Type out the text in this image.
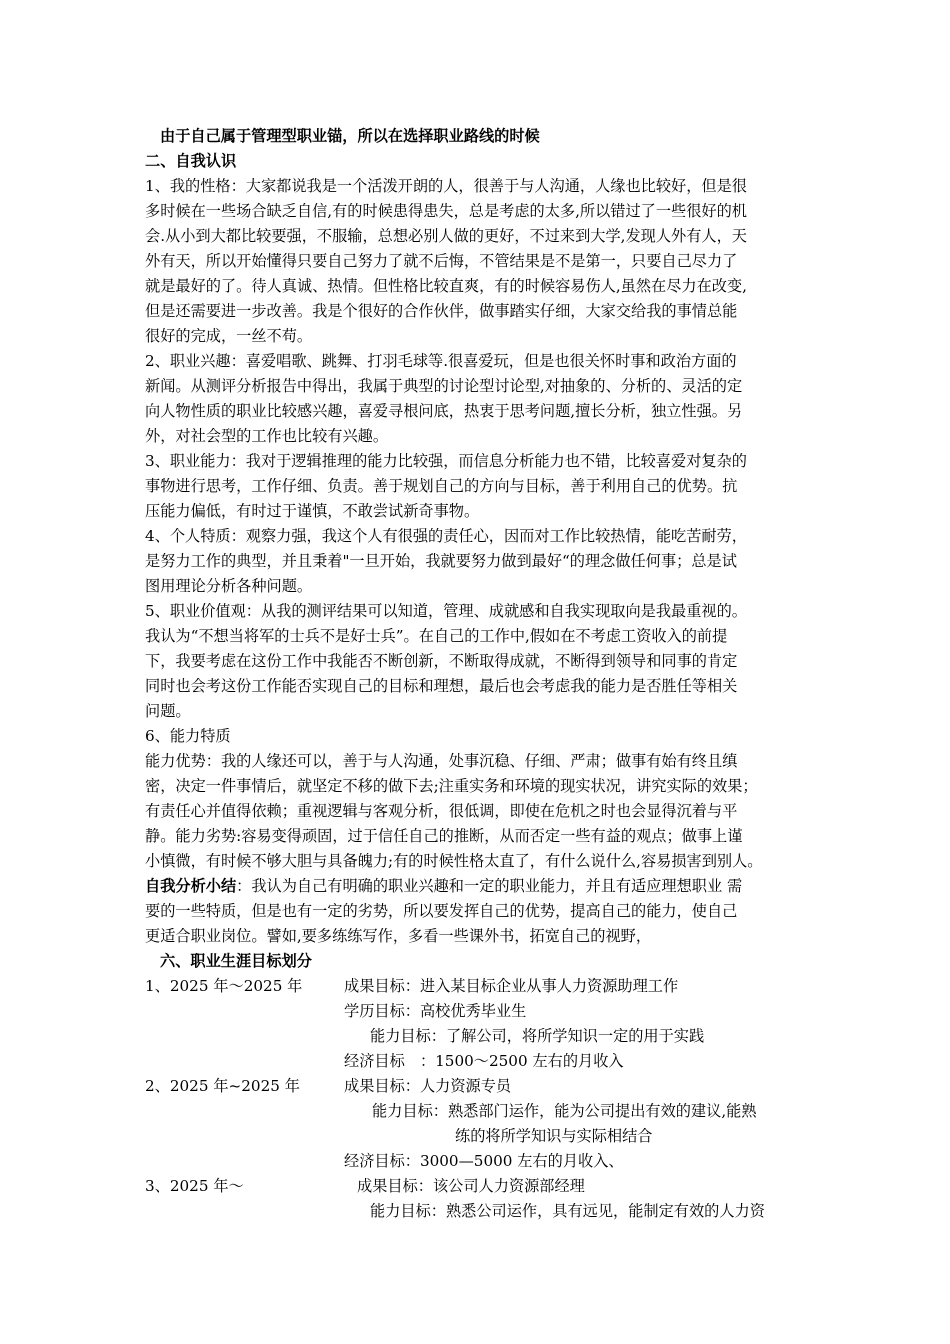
由于自己属于管理型职业锚，所以在选择职业路线的时候
二、自我认识
1、我的性格：大家都说我是一个活泼开朗的人，很善于与人沟通，人缘也比较好，但是很
多时候在一些场合缺乏自信,有的时候患得患失，总是考虑的太多,所以错过了一些很好的机
会.从小到大都比较要强，不服输，总想必别人做的更好，不过来到大学,发现人外有人，天
外有天，所以开始懂得只要自己努力了就不后悔，不管结果是不是第一，只要自己尽力了
就是最好的了。待人真诚、热情。但性格比较直爽，有的时候容易伤人,虽然在尽力在改变,
但是还需要进一步改善。我是个很好的合作伙伴，做事踏实仔细，大家交给我的事情总能
很好的完成，一丝不苟。
2、职业兴趣：喜爱唱歌、跳舞、打羽毛球等.很喜爱玩，但是也很关怀时事和政治方面的
新闻。从测评分析报告中得出，我属于典型的讨论型讨论型,对抽象的、分析的、灵活的定
向人物性质的职业比较感兴趣，喜爱寻根问底，热衷于思考问题,擅长分析，独立性强。另
外，对社会型的工作也比较有兴趣。
3、职业能力：我对于逻辑推理的能力比较强，而信息分析能力也不错，比较喜爱对复杂的
事物进行思考，工作仔细、负责。善于规划自己的方向与目标，善于利用自己的优势。抗
压能力偏低，有时过于谨慎，不敢尝试新奇事物。
4、个人特质：观察力强，我这个人有很强的责任心，因而对工作比较热情，能吃苦耐劳，
是努力工作的典型，并且秉着"一旦开始，我就要努力做到最好“的理念做任何事；总是试
图用理论分析各种问题。
5、职业价值观：从我的测评结果可以知道，管理、成就感和自我实现取向是我最重视的。
我认为“不想当将军的士兵不是好士兵”。在自己的工作中,假如在不考虑工资收入的前提
下，我要考虑在这份工作中我能否不断创新，不断取得成就，不断得到领导和同事的肯定
同时也会考这份工作能否实现自己的目标和理想，最后也会考虑我的能力是否胜任等相关
问题。
6、能力特质
能力优势：我的人缘还可以，善于与人沟通，处事沉稳、仔细、严肃；做事有始有终且缜
密，决定一件事情后，就坚定不移的做下去;注重实务和环境的现实状况，讲究实际的效果；
有责任心并值得依赖；重视逻辑与客观分析，很低调，即使在危机之时也会显得沉着与平
静。能力劣势:容易变得顽固，过于信任自己的推断，从而否定一些有益的观点；做事上谨
小慎微，有时候不够大胆与具备魄力;有的时候性格太直了，有什么说什么,容易损害到别人。
自我分析小结：我认为自己有明确的职业兴趣和一定的职业能力，并且有适应理想职业 需
要的一些特质，但是也有一定的劣势，所以要发挥自己的优势，提高自己的能力，使自己
更适合职业岗位。譬如,要多练练写作，多看一些课外书，拓宽自己的视野，
六、职业生涯目标划分
1、2025 年～2025 年	成果目标：进入某目标企业从事人力资源助理工作
学历目标：高校优秀毕业生
能力目标：了解公司，将所学知识一定的用于实践
经济目标　：1500～2500 左右的月收入
2、2025 年~2025 年	成果目标：人力资源专员
能力目标：熟悉部门运作，能为公司提出有效的建议,能熟
练的将所学知识与实际相结合
经济目标：3000—5000 左右的月收入、
3、2025 年～	成果目标：该公司人力资源部经理
能力目标：熟悉公司运作，具有远见，能制定有效的人力资
